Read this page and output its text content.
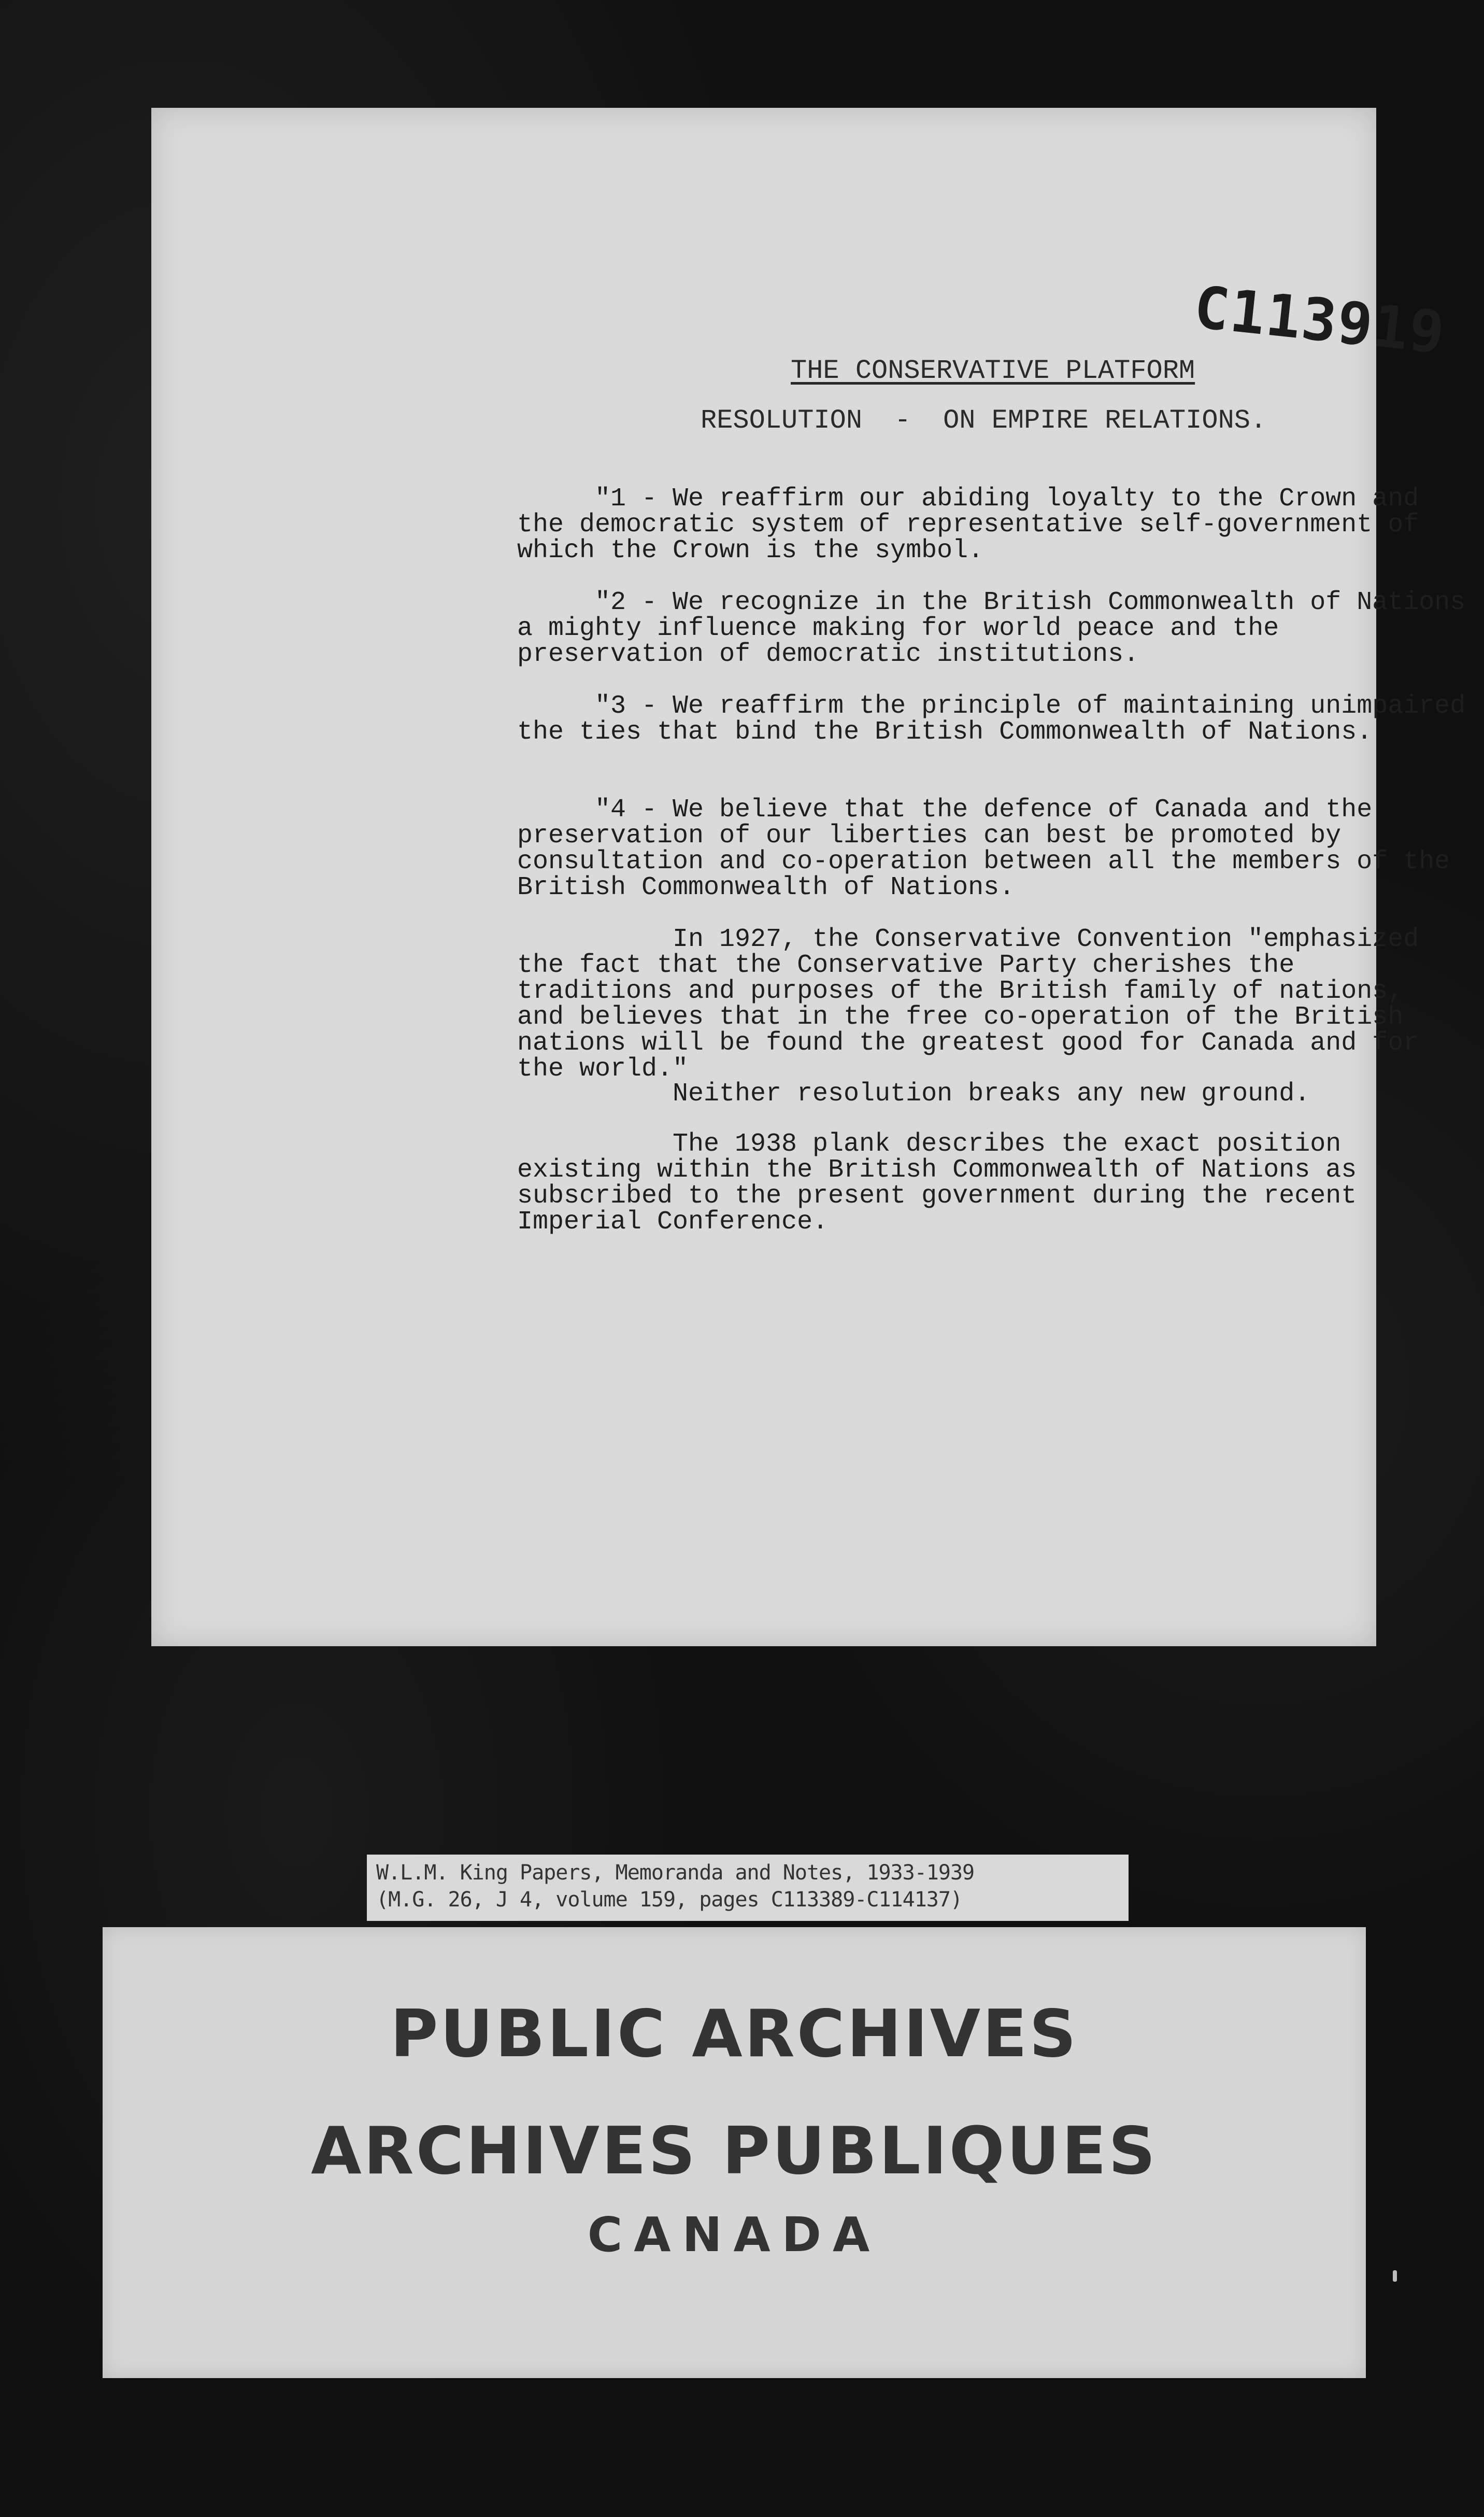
C113919
THE CONSERVATIVE PLATFORM
RESOLUTION  -  ON EMPIRE RELATIONS.

"1 - We reaffirm our abiding loyalty to the Crown and the democratic system of representative self-government of which the Crown is the symbol.

"2 - We recognize in the British Commonwealth of Nations a mighty influence making for world peace and the preservation of democratic institutions.

"3 - We reaffirm the principle of maintaining unimpaired the ties that bind the British Commonwealth of Nations.

"4 - We believe that the defence of Canada and the preservation of our liberties can best be promoted by consultation and co-operation between all the members of the British Commonwealth of Nations.

In 1927, the Conservative Convention "emphasized the fact that the Conservative Party cherishes the traditions and purposes of the British family of nations, and believes that in the free co-operation of the British nations will be found the greatest good for Canada and for the world."

Neither resolution breaks any new ground.

The 1938 plank describes the exact position existing within the British Commonwealth of Nations as subscribed to the present government during the recent Imperial Conference.

W.L.M. King Papers, Memoranda and Notes, 1933-1939
(M.G. 26, J 4, volume 159, pages C113389-C114137)
PUBLIC ARCHIVES
ARCHIVES PUBLIQUES
CANADA
